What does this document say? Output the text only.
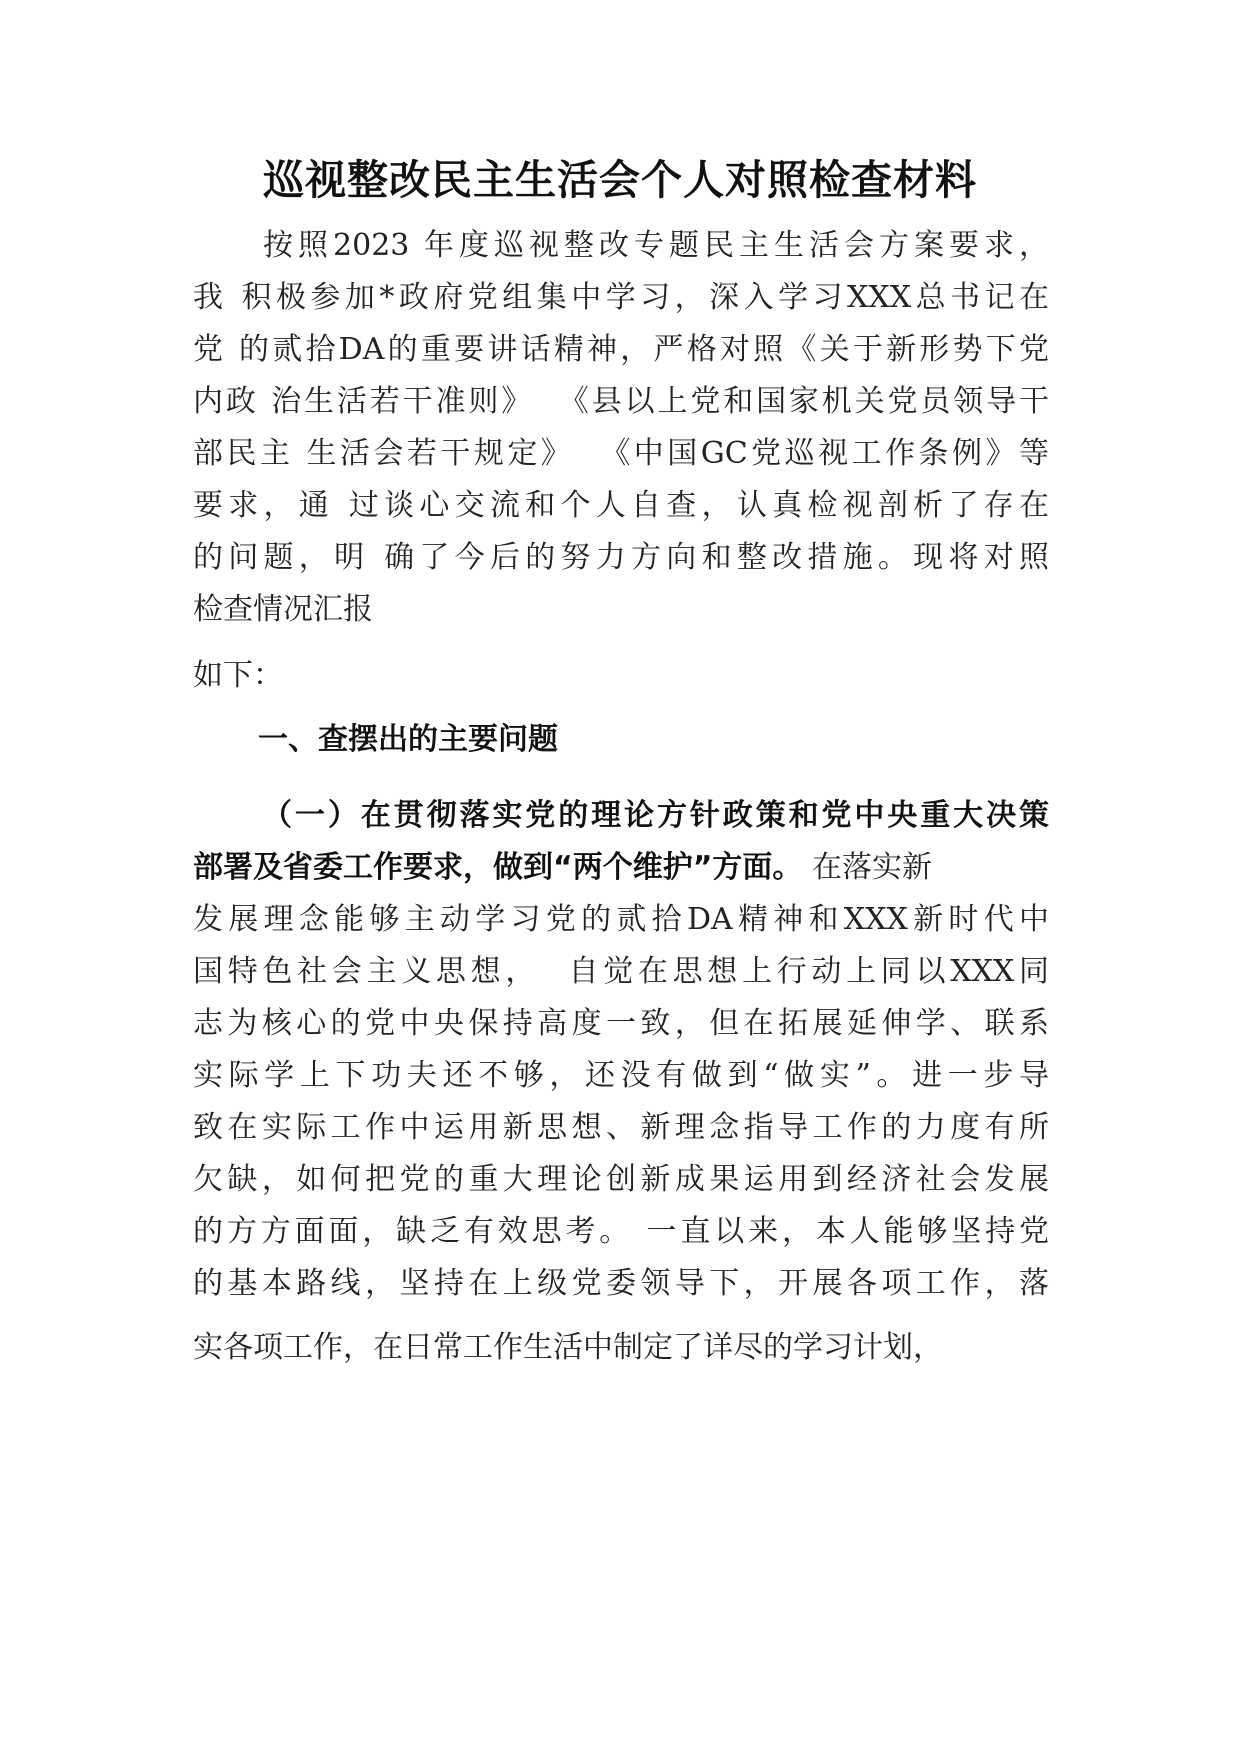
巡视整改民主生活会个人对照检查材料

　　按照2023 年度巡视整改专题民主生活会方案要求，

我 积极参加*政府党组集中学习，深入学习XXX总书记在

党 的贰拾DA的重要讲话精神，严格对照《关于新形势下党

内政 治生活若干准则》  《县以上党和国家机关党员领导干

部民主 生活会若干规定》  《中国GC党巡视工作条例》等

要求，通 过谈心交流和个人自查，认真检视剖析了存在

的问题，明 确了今后的努力方向和整改措施。现将对照

检查情况汇报

如下：

一、查摆出的主要问题

（一）在贯彻落实党的理论方针政策和党中央重大决策

部署及省委工作要求，做到“两个维护”方面。 在落实新

发展理念能够主动学习党的贰拾DA精神和XXX新时代中

国特色社会主义思想，  自觉在思想上行动上同以XXX同

志为核心的党中央保持高度一致，但在拓展延伸学、联系

实际学上下功夫还不够，还没有做到“做实”。进一步导

致在实际工作中运用新思想、新理念指导工作的力度有所

欠缺，如何把党的重大理论创新成果运用到经济社会发展

的方方面面，缺乏有效思考。 一直以来，本人能够坚持党

的基本路线，坚持在上级党委领导下，开展各项工作，落

实各项工作，在日常工作生活中制定了详尽的学习计划，
